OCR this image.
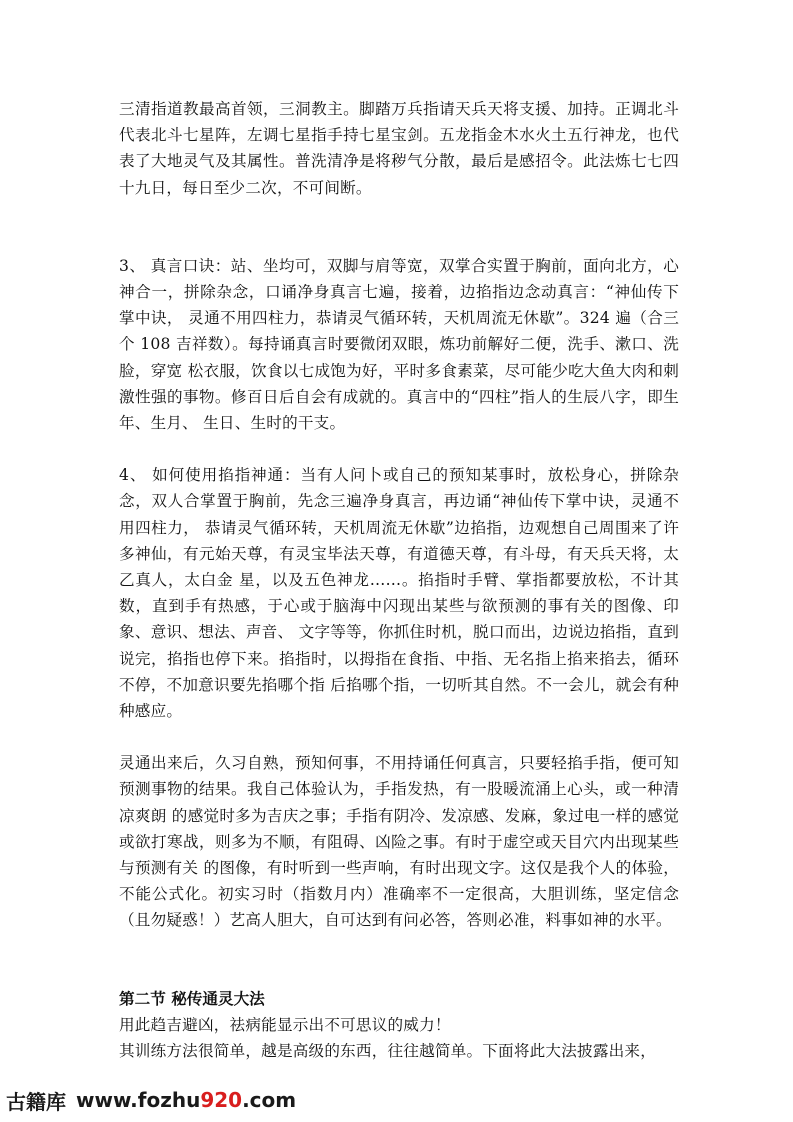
三清指道教最高首领，三洞教主。脚踏万兵指请天兵天将支援、加持。正调北斗代表北斗七星阵，左调七星指手持七星宝剑。五龙指金木水火土五行神龙，也代表了大地灵气及其属性。普洗清净是将秽气分散，最后是感招令。此法炼七七四十九日，每日至少二次，不可间断。

3、 真言口诀：站、坐均可，双脚与肩等宽，双掌合实置于胸前，面向北方，心神合一，拼除杂念，口诵净身真言七遍，接着，边掐指边念动真言：“神仙传下掌中诀， 灵通不用四柱力，恭请灵气循环转，天机周流无休歇”。324 遍（合三个 108 吉祥数）。每持诵真言时要微闭双眼，炼功前解好二便，洗手、漱口、洗脸，穿宽 松衣服，饮食以七成饱为好，平时多食素菜，尽可能少吃大鱼大肉和刺激性强的事物。修百日后自会有成就的。真言中的“四柱”指人的生辰八字，即生年、生月、 生日、生时的干支。

4、 如何使用掐指神通：当有人问卜或自己的预知某事时，放松身心，拼除杂念，双人合掌置于胸前，先念三遍净身真言，再边诵“神仙传下掌中诀，灵通不用四柱力， 恭请灵气循环转，天机周流无休歇”边掐指，边观想自己周围来了许多神仙，有元始天尊，有灵宝毕法天尊，有道德天尊，有斗母，有天兵天将，太乙真人，太白金 星，以及五色神龙……。掐指时手臂、掌指都要放松，不计其数，直到手有热感，于心或于脑海中闪现出某些与欲预测的事有关的图像、印象、意识、想法、声音、 文字等等，你抓住时机，脱口而出，边说边掐指，直到说完，掐指也停下来。掐指时，以拇指在食指、中指、无名指上掐来掐去，循环不停，不加意识要先掐哪个指 后掐哪个指，一切听其自然。不一会儿，就会有种种感应。

灵通出来后，久习自熟，预知何事，不用持诵任何真言，只要轻掐手指，便可知预测事物的结果。我自己体验认为，手指发热，有一股暖流涌上心头，或一种清凉爽朗 的感觉时多为吉庆之事；手指有阴冷、发凉感、发麻，象过电一样的感觉或欲打寒战，则多为不顺，有阻碍、凶险之事。有时于虚空或天目穴内出现某些与预测有关 的图像，有时听到一些声响，有时出现文字。这仅是我个人的体验，不能公式化。初实习时（指数月内）准确率不一定很高，大胆训练，坚定信念（且勿疑惑！）艺高人胆大，自可达到有问必答，答则必准，料事如神的水平。

第二节 秘传通灵大法

用此趋吉避凶，祛病能显示出不可思议的威力！

其训练方法很简单，越是高级的东西，往往越简单。下面将此大法披露出来，

古籍库 www.fozhu 920 .com
